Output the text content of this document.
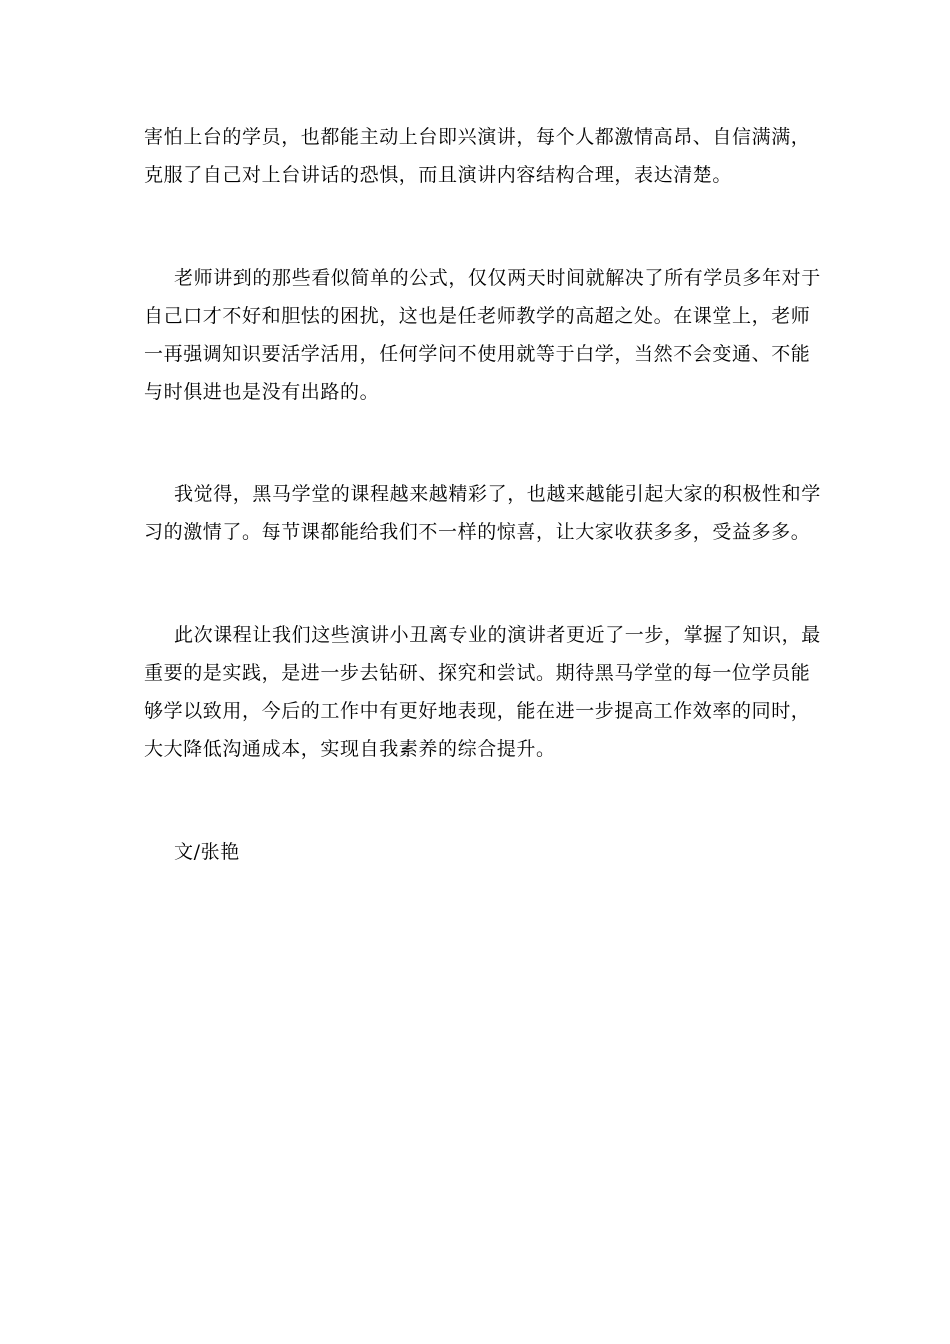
害怕上台的学员，也都能主动上台即兴演讲，每个人都激情高昂、自信满满，
克服了自己对上台讲话的恐惧，而且演讲内容结构合理，表达清楚。
老师讲到的那些看似简单的公式，仅仅两天时间就解决了所有学员多年对于
自己口才不好和胆怯的困扰，这也是任老师教学的高超之处。在课堂上，老师
一再强调知识要活学活用，任何学问不使用就等于白学，当然不会变通、不能
与时俱进也是没有出路的。
我觉得，黑马学堂的课程越来越精彩了，也越来越能引起大家的积极性和学
习的激情了。每节课都能给我们不一样的惊喜，让大家收获多多，受益多多。
此次课程让我们这些演讲小丑离专业的演讲者更近了一步，掌握了知识，最
重要的是实践，是进一步去钻研、探究和尝试。期待黑马学堂的每一位学员能
够学以致用，今后的工作中有更好地表现，能在进一步提高工作效率的同时，
大大降低沟通成本，实现自我素养的综合提升。
文/张艳
